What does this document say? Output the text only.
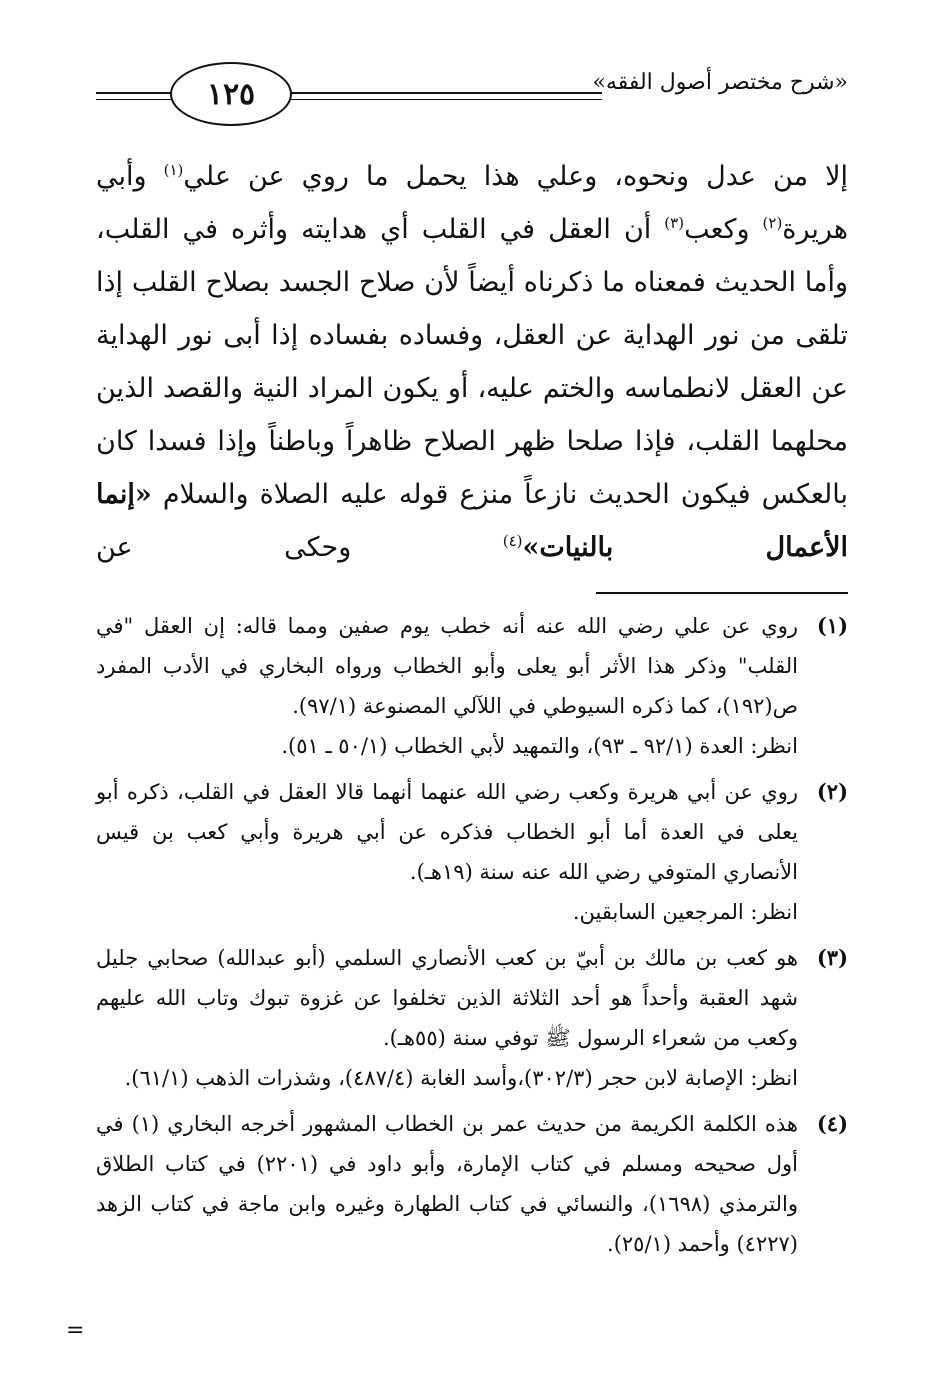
١٢٥	«شرح مختصر أصول الفقه»

إلا من عدل ونحوه، وعلي هذا يحمل ما روي عن علي$^{(١)}$ وأبي هريرة$^{(٢)}$ وكعب$^{(٣)}$ أن العقل في القلب أي هدايته وأثره في القلب، وأما الحديث فمعناه ما ذكرناه أيضاً لأن صلاح الجسد بصلاح القلب إذا تلقى من نور الهداية عن العقل، وفساده بفساده إذا أبى نور الهداية عن العقل لانطماسه والختم عليه، أو يكون المراد النية والقصد الذين محلهما القلب، فإذا صلحا ظهر الصلاح ظاهراً وباطناً وإذا فسدا كان بالعكس فيكون الحديث نازعاً منزع قوله عليه الصلاة والسلام «إنما الأعمال بالنيات»$^{(٤)}$ وحكى عن

(١)

روي عن علي رضي الله عنه أنه خطب يوم صفين ومما قاله: إن العقل "في القلب" وذكر هذا الأثر أبو يعلى وأبو الخطاب ورواه البخاري في الأدب المفرد ص(١٩٢)، كما ذكره السيوطي في اللآلي المصنوعة (٩٧/١).

انظر: العدة (٩٢/١ ـ ٩٣)، والتمهيد لأبي الخطاب (٥٠/١ ـ ٥١).

(٢)

روي عن أبي هريرة وكعب رضي الله عنهما أنهما قالا العقل في القلب، ذكره أبو يعلى في العدة أما أبو الخطاب فذكره عن أبي هريرة وأبي كعب بن قيس الأنصاري المتوفي رضي الله عنه سنة (١٩هـ).

انظر: المرجعين السابقين.

(٣)

هو كعب بن مالك بن أبيّ بن كعب الأنصاري السلمي (أبو عبدالله) صحابي جليل شهد العقبة وأحداً هو أحد الثلاثة الذين تخلفوا عن غزوة تبوك وتاب الله عليهم وكعب من شعراء الرسول ﷺ توفي سنة (٥٥هـ).

انظر: الإصابة لابن حجر (٣٠٢/٣)،وأسد الغابة (٤٨٧/٤)، وشذرات الذهب (٦١/١).

(٤)

هذه الكلمة الكريمة من حديث عمر بن الخطاب المشهور أخرجه البخاري (١) في أول صحيحه ومسلم في كتاب الإمارة، وأبو داود في (٢٢٠١) في كتاب الطلاق والترمذي (١٦٩٨)، والنسائي في كتاب الطهارة وغيره وابن ماجة في كتاب الزهد (٤٢٢٧) وأحمد (٢٥/١).

=
